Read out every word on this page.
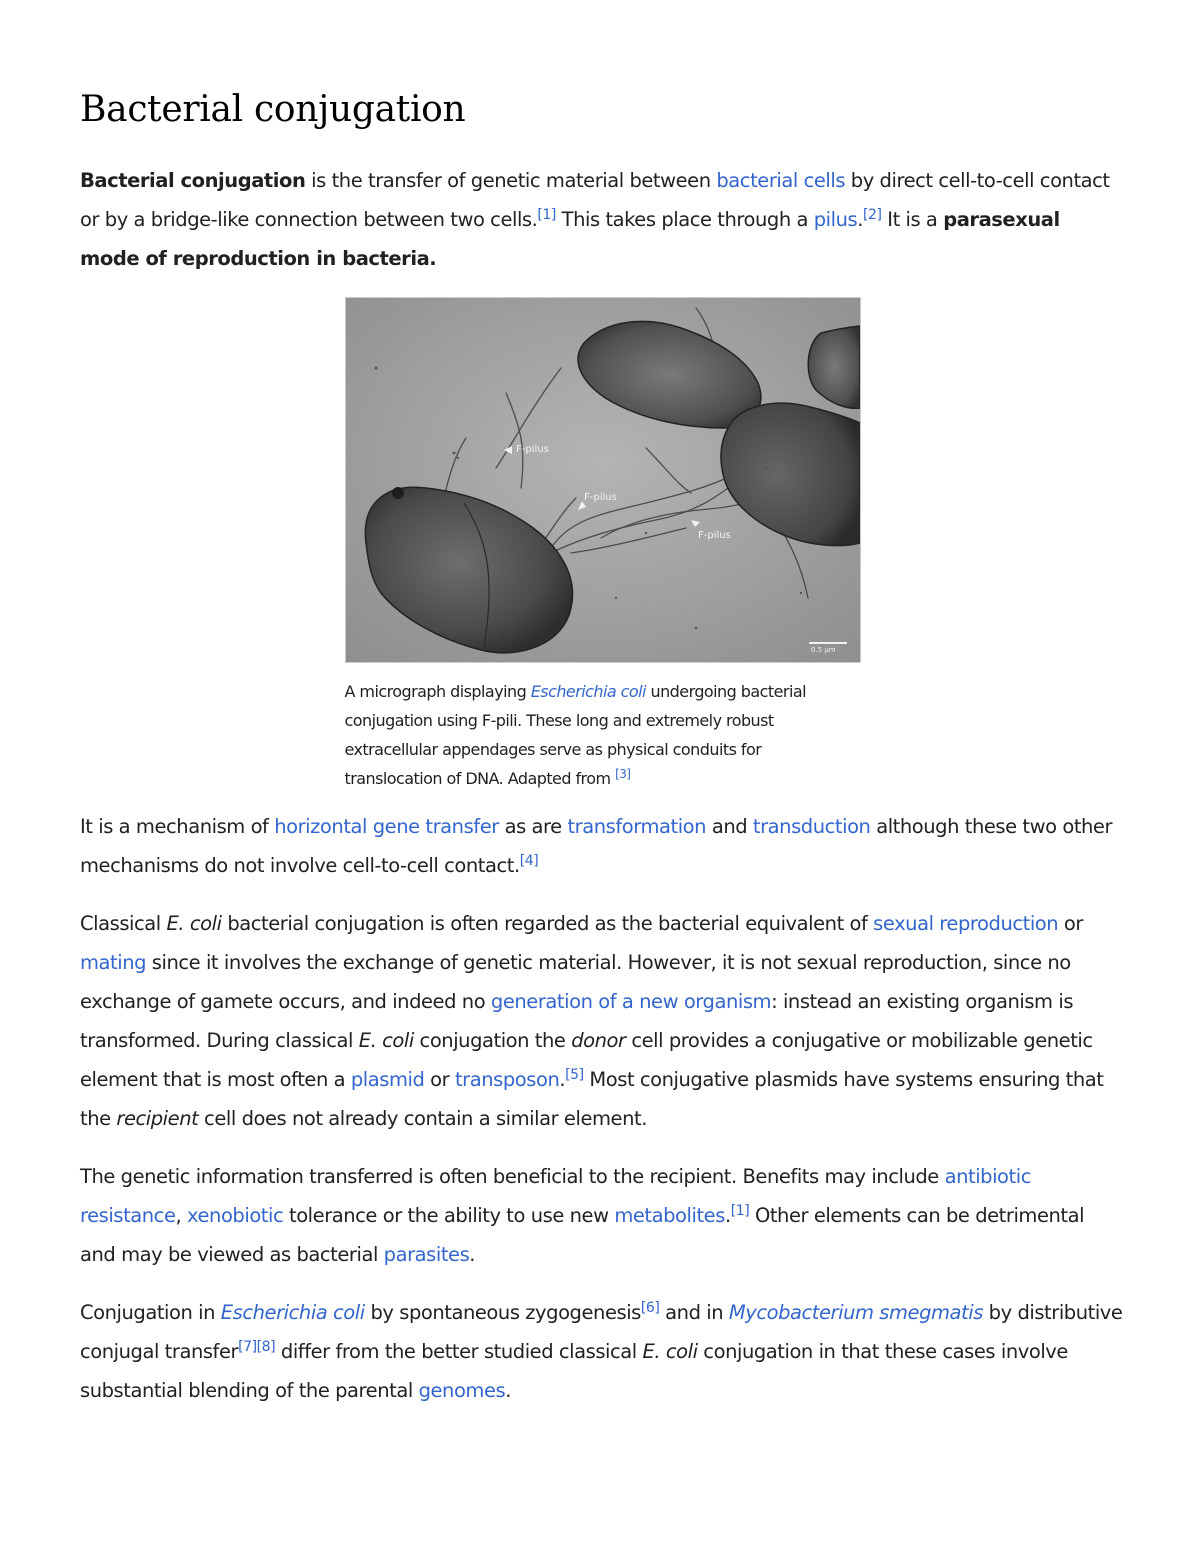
Bacterial conjugation

Bacterial conjugation is the transfer of genetic material between bacterial cells by direct cell-to-cell contact or by a bridge-like connection between two cells.[1] This takes place through a pilus.[2] It is a parasexual mode of reproduction in bacteria.

F-pilus
F-pilus
F-pilus
0.5 μm
A micrograph displaying Escherichia coli undergoing bacterial conjugation using F-pili. These long and extremely robust extracellular appendages serve as physical conduits for translocation of DNA. Adapted from [3]

It is a mechanism of horizontal gene transfer as are transformation and transduction although these two other mechanisms do not involve cell-to-cell contact.[4]

Classical E. coli bacterial conjugation is often regarded as the bacterial equivalent of sexual reproduction or mating since it involves the exchange of genetic material. However, it is not sexual reproduction, since no exchange of gamete occurs, and indeed no generation of a new organism: instead an existing organism is transformed. During classical E. coli conjugation the donor cell provides a conjugative or mobilizable genetic element that is most often a plasmid or transposon.[5] Most conjugative plasmids have systems ensuring that the recipient cell does not already contain a similar element.

The genetic information transferred is often beneficial to the recipient. Benefits may include antibiotic resistance, xenobiotic tolerance or the ability to use new metabolites.[1] Other elements can be detrimental and may be viewed as bacterial parasites.

Conjugation in Escherichia coli by spontaneous zygogenesis[6] and in Mycobacterium smegmatis by distributive conjugal transfer[7][8] differ from the better studied classical E. coli conjugation in that these cases involve substantial blending of the parental genomes.
